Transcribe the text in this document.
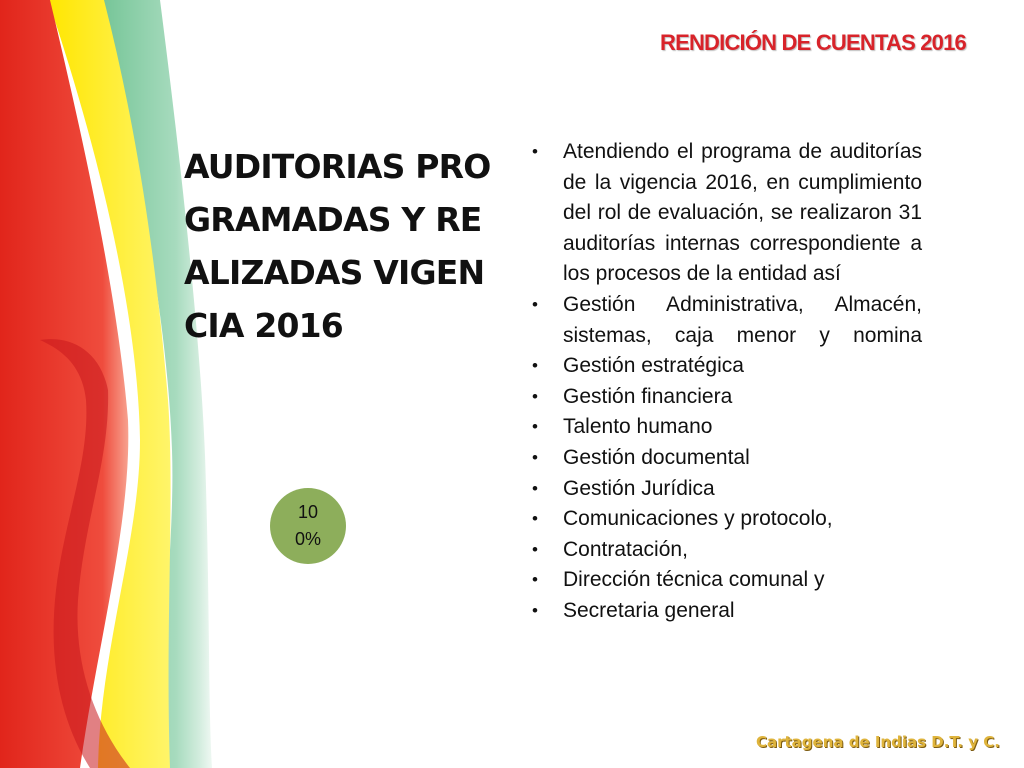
RENDICIÓN DE CUENTAS 2016
AUDITORIAS PROGRAMADAS Y REALIZADAS VIGENCIA 2016
100%
• Atendiendo el programa de auditorías de la vigencia 2016, en cumplimiento del rol de evaluación, se realizaron 31 auditorías internas correspondiente a los procesos de la entidad así
• Gestión Administrativa, Almacén, sistemas, caja menor y nomina
• Gestión estratégica
• Gestión financiera
• Talento humano
• Gestión documental
• Gestión Jurídica
• Comunicaciones y protocolo,
• Contratación,
• Dirección técnica comunal y
• Secretaria general
Cartagena de Indias D.T. y C.
